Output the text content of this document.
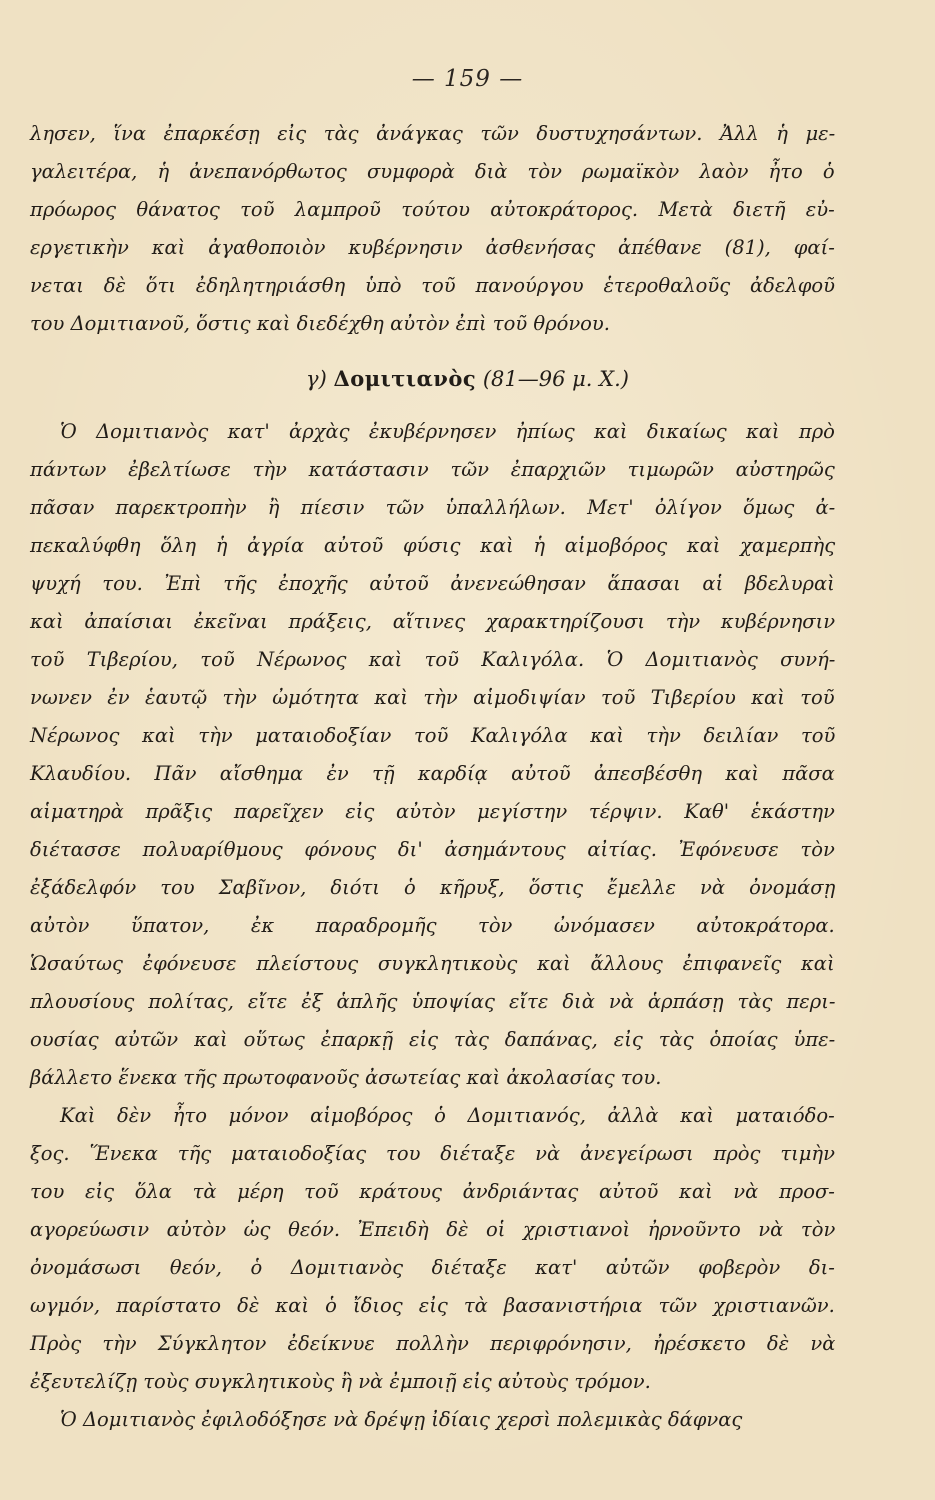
— 159 —
λησεν, ἵνα ἐπαρκέσῃ εἰς τὰς ἀνάγκας τῶν δυστυχησάντων. Ἀλλ ἡ με-
γαλειτέρα, ἡ ἀνεπανόρθωτος συμφορὰ διὰ τὸν ρωμαϊκὸν λαὸν ἦτο ὁ
πρόωρος θάνατος τοῦ λαμπροῦ τούτου αὐτοκράτορος. Μετὰ διετῆ εὐ-
εργετικὴν καὶ ἀγαθοποιὸν κυβέρνησιν ἀσθενήσας ἀπέθανε (81), φαί-
νεται δὲ ὅτι ἐδηλητηριάσθη ὑπὸ τοῦ πανούργου ἑτεροθαλοῦς ἀδελφοῦ
του Δομιτιανοῦ, ὅστις καὶ διεδέχθη αὐτὸν ἐπὶ τοῦ θρόνου.
γ) Δομιτιανὸς (81—96 μ. Χ.)
Ὁ Δομιτιανὸς κατ' ἀρχὰς ἐκυβέρνησεν ἠπίως καὶ δικαίως καὶ πρὸ
πάντων ἐβελτίωσε τὴν κατάστασιν τῶν ἐπαρχιῶν τιμωρῶν αὐστηρῶς
πᾶσαν παρεκτροπὴν ἢ πίεσιν τῶν ὑπαλλήλων. Μετ' ὀλίγον ὅμως ἀ-
πεκαλύφθη ὅλη ἡ ἀγρία αὐτοῦ φύσις καὶ ἡ αἱμοβόρος καὶ χαμερπὴς
ψυχή του. Ἐπὶ τῆς ἐποχῆς αὐτοῦ ἀνενεώθησαν ἅπασαι αἱ βδελυραὶ
καὶ ἀπαίσιαι ἐκεῖναι πράξεις, αἵτινες χαρακτηρίζουσι τὴν κυβέρνησιν
τοῦ Τιβερίου, τοῦ Νέρωνος καὶ τοῦ Καλιγόλα. Ὁ Δομιτιανὸς συνή-
νωνεν ἐν ἑαυτῷ τὴν ὠμότητα καὶ τὴν αἱμοδιψίαν τοῦ Τιβερίου καὶ τοῦ
Νέρωνος καὶ τὴν ματαιοδοξίαν τοῦ Καλιγόλα καὶ τὴν δειλίαν τοῦ
Κλαυδίου. Πᾶν αἴσθημα ἐν τῇ καρδίᾳ αὐτοῦ ἀπεσβέσθη καὶ πᾶσα
αἱματηρὰ πρᾶξις παρεῖχεν εἰς αὐτὸν μεγίστην τέρψιν. Καθ' ἑκάστην
διέτασσε πολυαρίθμους φόνους δι' ἀσημάντους αἰτίας. Ἐφόνευσε τὸν
ἐξάδελφόν του Σαβῖνον, διότι ὁ κῆρυξ, ὅστις ἔμελλε νὰ ὀνομάσῃ
αὐτὸν ὕπατον, ἐκ παραδρομῆς τὸν ὠνόμασεν αὐτοκράτορα.
Ὡσαύτως ἐφόνευσε πλείστους συγκλητικοὺς καὶ ἄλλους ἐπιφανεῖς καὶ
πλουσίους πολίτας, εἴτε ἐξ ἁπλῆς ὑποψίας εἴτε διὰ νὰ ἁρπάσῃ τὰς περι-
ουσίας αὐτῶν καὶ οὕτως ἐπαρκῇ εἰς τὰς δαπάνας, εἰς τὰς ὁποίας ὑπε-
βάλλετο ἕνεκα τῆς πρωτοφανοῦς ἀσωτείας καὶ ἀκολασίας του.
Καὶ δὲν ἦτο μόνον αἱμοβόρος ὁ Δομιτιανός, ἀλλὰ καὶ ματαιόδο-
ξος. Ἕνεκα τῆς ματαιοδοξίας του διέταξε νὰ ἀνεγείρωσι πρὸς τιμὴν
του εἰς ὅλα τὰ μέρη τοῦ κράτους ἀνδριάντας αὐτοῦ καὶ νὰ προσ-
αγορεύωσιν αὐτὸν ὡς θεόν. Ἐπειδὴ δὲ οἱ χριστιανοὶ ἠρνοῦντο νὰ τὸν
ὀνομάσωσι θεόν, ὁ Δομιτιανὸς διέταξε κατ' αὐτῶν φοβερὸν δι-
ωγμόν, παρίστατο δὲ καὶ ὁ ἴδιος εἰς τὰ βασανιστήρια τῶν χριστιανῶν.
Πρὸς τὴν Σύγκλητον ἐδείκνυε πολλὴν περιφρόνησιν, ἠρέσκετο δὲ νὰ
ἐξευτελίζῃ τοὺς συγκλητικοὺς ἢ νὰ ἐμποιῇ εἰς αὐτοὺς τρόμον.
Ὁ Δομιτιανὸς ἐφιλοδόξησε νὰ δρέψῃ ἰδίαις χερσὶ πολεμικὰς δάφνας
